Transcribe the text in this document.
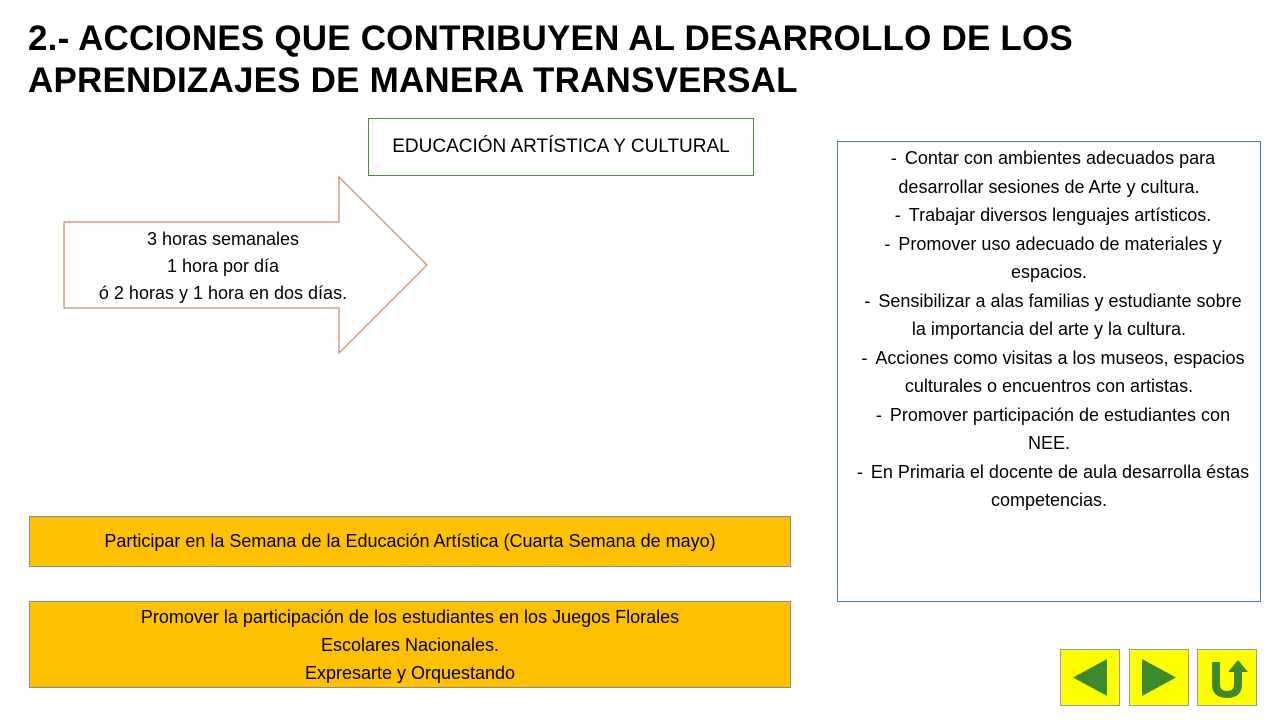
2.- ACCIONES QUE CONTRIBUYEN AL DESARROLLO DE LOS
APRENDIZAJES DE MANERA TRANSVERSAL
EDUCACIÓN ARTÍSTICA Y CULTURAL
3 horas semanales
1 hora por día
ó 2 horas y 1 hora en dos días.

- Contar con ambientes adecuados para desarrollar sesiones de Arte y cultura.

- Trabajar diversos lenguajes artísticos.

- Promover uso adecuado de materiales y espacios.

- Sensibilizar a alas familias y estudiante sobre la importancia del arte y la cultura.

- Acciones como visitas a los museos, espacios culturales o encuentros con artistas.

- Promover participación de estudiantes con NEE.

- En Primaria el docente de aula desarrolla éstas competencias.

Participar en la Semana de la Educación Artística (Cuarta Semana de mayo)
Promover la participación de los estudiantes en los Juegos Florales
Escolares Nacionales.
Expresarte y Orquestando
